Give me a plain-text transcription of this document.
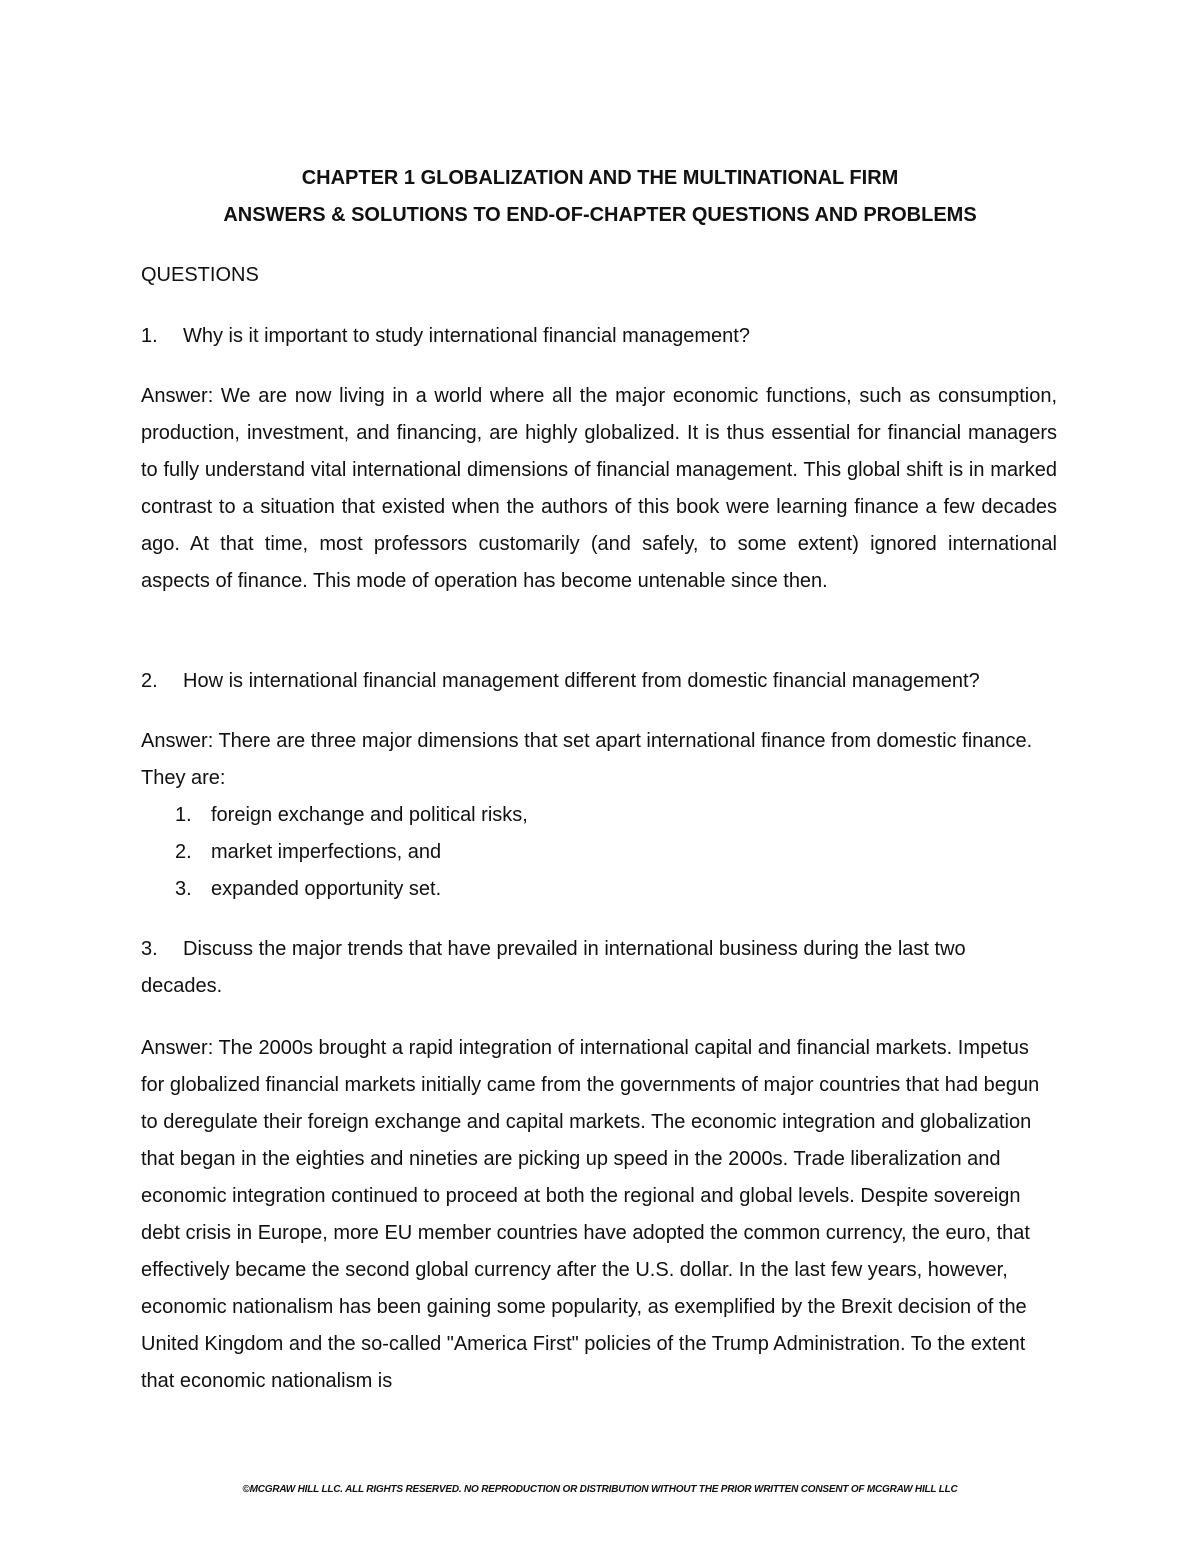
CHAPTER 1 GLOBALIZATION AND THE MULTINATIONAL FIRM
ANSWERS & SOLUTIONS TO END-OF-CHAPTER QUESTIONS AND PROBLEMS
QUESTIONS
1. Why is it important to study international financial management?
Answer: We are now living in a world where all the major economic functions, such as consumption, production, investment, and financing, are highly globalized. It is thus essential for financial managers to fully understand vital international dimensions of financial management. This global shift is in marked contrast to a situation that existed when the authors of this book were learning finance a few decades ago. At that time, most professors customarily (and safely, to some extent) ignored international aspects of finance. This mode of operation has become untenable since then.
2. How is international financial management different from domestic financial management?
Answer: There are three major dimensions that set apart international finance from domestic finance. They are:
1. foreign exchange and political risks,
2. market imperfections, and
3. expanded opportunity set.
3. Discuss the major trends that have prevailed in international business during the last two decades.
Answer: The 2000s brought a rapid integration of international capital and financial markets. Impetus for globalized financial markets initially came from the governments of major countries that had begun to deregulate their foreign exchange and capital markets. The economic integration and globalization that began in the eighties and nineties are picking up speed in the 2000s. Trade liberalization and economic integration continued to proceed at both the regional and global levels. Despite sovereign debt crisis in Europe, more EU member countries have adopted the common currency, the euro, that effectively became the second global currency after the U.S. dollar. In the last few years, however, economic nationalism has been gaining some popularity, as exemplified by the Brexit decision of the United Kingdom and the so-called "America First" policies of the Trump Administration. To the extent that economic nationalism is
©MCGRAW HILL LLC. ALL RIGHTS RESERVED. NO REPRODUCTION OR DISTRIBUTION WITHOUT THE PRIOR WRITTEN CONSENT OF MCGRAW HILL LLC
